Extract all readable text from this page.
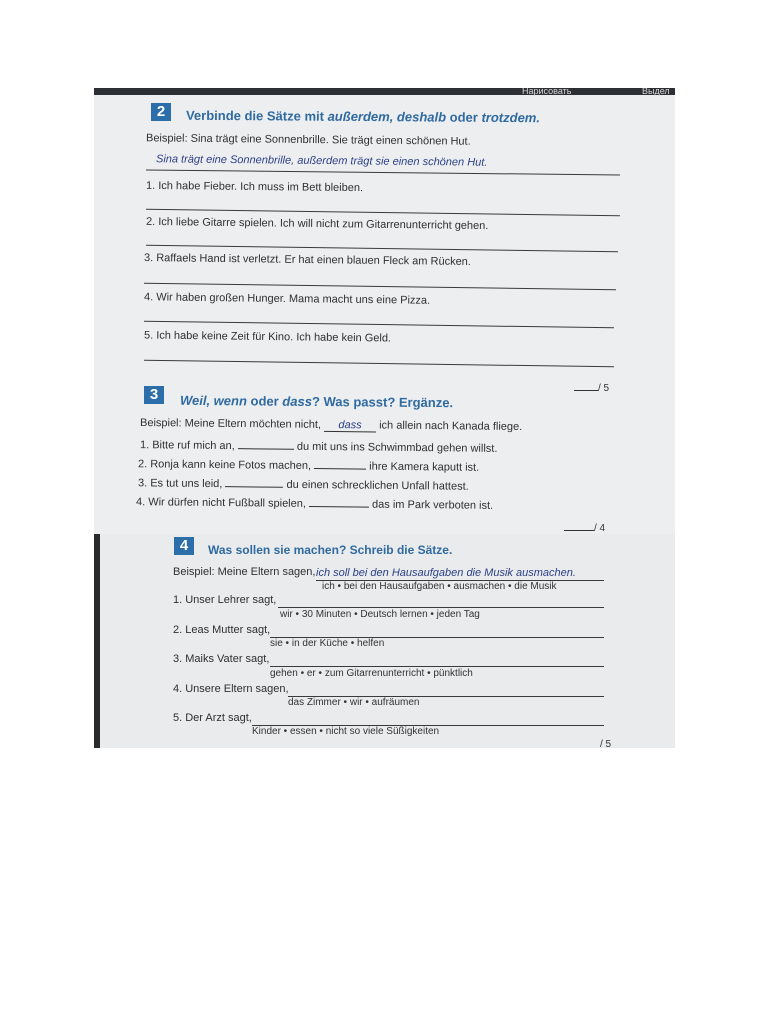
Нарисовать	Выдел
2	Verbinde die Sätze mit außerdem, deshalb oder trotzdem.
Beispiel: Sina trägt eine Sonnenbrille. Sie trägt einen schönen Hut.
Sina trägt eine Sonnenbrille, außerdem trägt sie einen schönen Hut.
1. Ich habe Fieber. Ich muss im Bett bleiben.
2. Ich liebe Gitarre spielen. Ich will nicht zum Gitarrenunterricht gehen.
3. Raffaels Hand ist verletzt. Er hat einen blauen Fleck am Rücken.
4. Wir haben großen Hunger. Mama macht uns eine Pizza.
5. Ich habe keine Zeit für Kino. Ich habe kein Geld.
/ 5
3	Weil, wenn oder dass? Was passt? Ergänze.
Beispiel: Meine Eltern möchten nicht, dass ich allein nach Kanada fliege.
1. Bitte ruf mich an,	du mit uns ins Schwimmbad gehen willst.
2. Ronja kann keine Fotos machen,	ihre Kamera kaputt ist.
3. Es tut uns leid,	du einen schrecklichen Unfall hattest.
4. Wir dürfen nicht Fußball spielen,	das im Park verboten ist.
/ 4
4	Was sollen sie machen? Schreib die Sätze.
Beispiel: Meine Eltern sagen, ich soll bei den Hausaufgaben die Musik ausmachen.
ich • bei den Hausaufgaben • ausmachen • die Musik
1. Unser Lehrer sagt,
wir • 30 Minuten • Deutsch lernen • jeden Tag
2. Leas Mutter sagt,
sie • in der Küche • helfen
3. Maiks Vater sagt,
gehen • er • zum Gitarrenunterricht • pünktlich
4. Unsere Eltern sagen,
das Zimmer • wir • aufräumen
5. Der Arzt sagt,
Kinder • essen • nicht so viele Süßigkeiten
/ 5
